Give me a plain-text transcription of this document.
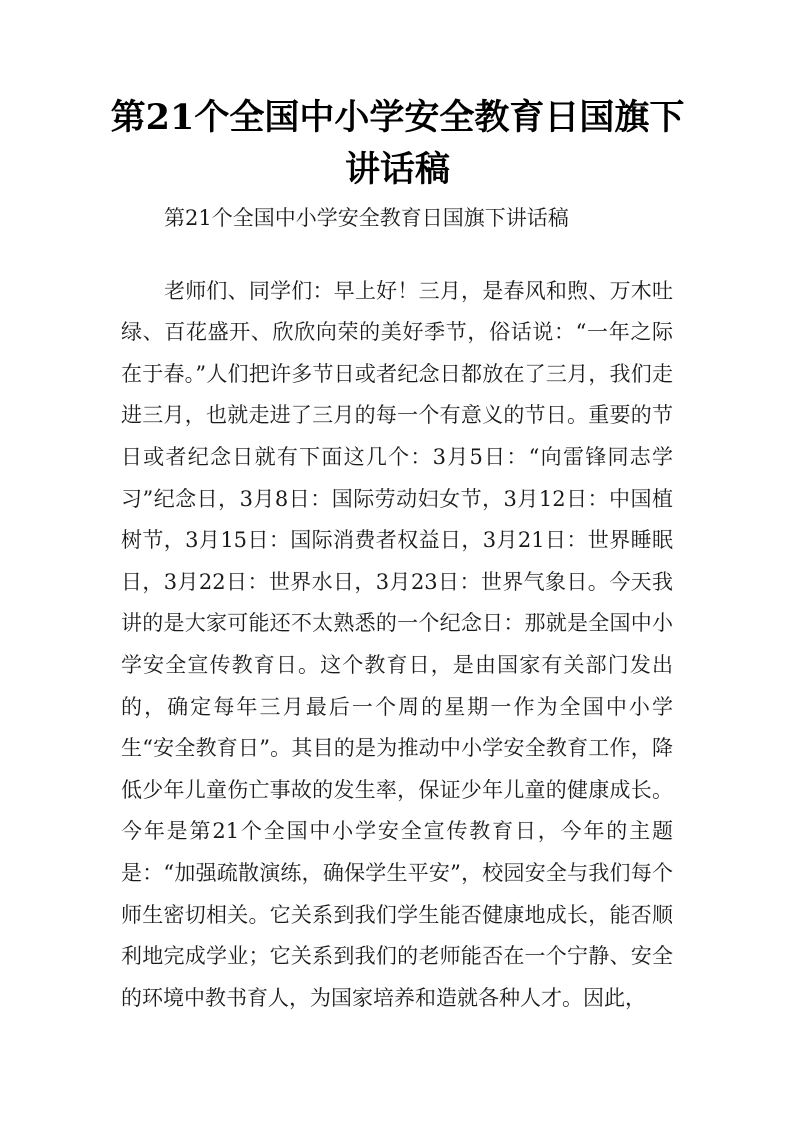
第21个全国中小学安全教育日国旗下讲话稿

第21个全国中小学安全教育日国旗下讲话稿

老师们、同学们：早上好！三月，是春风和煦、万木吐绿、百花盛开、欣欣向荣的美好季节，俗话说：“一年之际在于春。”人们把许多节日或者纪念日都放在了三月，我们走进三月，也就走进了三月的每一个有意义的节日。重要的节日或者纪念日就有下面这几个：3月5日：“向雷锋同志学习”纪念日，3月8日：国际劳动妇女节，3月12日：中国植树节，3月15日：国际消费者权益日，3月21日：世界睡眠日，3月22日：世界水日，3月23日：世界气象日。今天我讲的是大家可能还不太熟悉的一个纪念日：那就是全国中小学安全宣传教育日。这个教育日，是由国家有关部门发出的，确定每年三月最后一个周的星期一作为全国中小学生“安全教育日”。其目的是为推动中小学安全教育工作，降低少年儿童伤亡事故的发生率，保证少年儿童的健康成长。今年是第21个全国中小学安全宣传教育日，今年的主题是：“加强疏散演练，确保学生平安”，校园安全与我们每个师生密切相关。它关系到我们学生能否健康地成长，能否顺利地完成学业；它关系到我们的老师能否在一个宁静、安全的环境中教书育人，为国家培养和造就各种人才。因此，
